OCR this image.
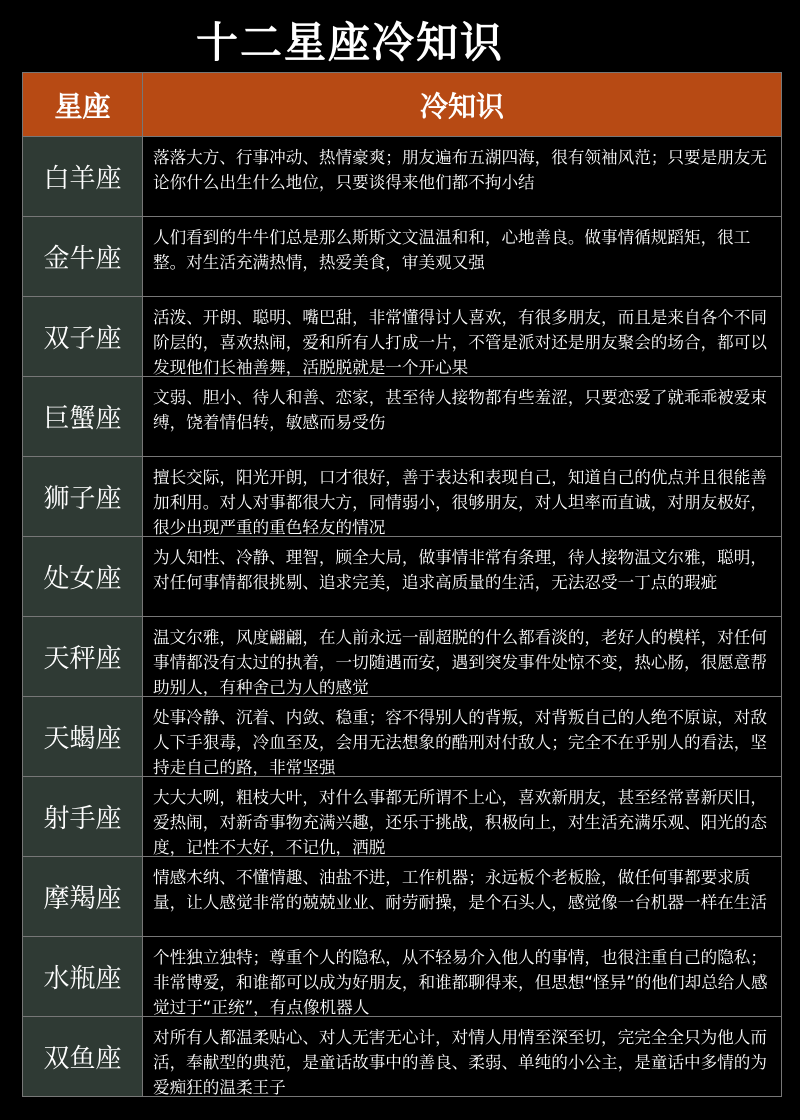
十二星座冷知识
星座	冷知识
白羊座
落落大方、行事冲动、热情豪爽；朋友遍布五湖四海，很有领袖风范；只要是朋友无论你什么出生什么地位，只要谈得来他们都不拘小结
金牛座
人们看到的牛牛们总是那么斯斯文文温温和和，心地善良。做事情循规蹈矩，很工整。对生活充满热情，热爱美食，审美观又强
双子座
活泼、开朗、聪明、嘴巴甜，非常懂得讨人喜欢，有很多朋友，而且是来自各个不同阶层的，喜欢热闹，爱和所有人打成一片，不管是派对还是朋友聚会的场合，都可以发现他们长袖善舞，活脱脱就是一个开心果
巨蟹座
文弱、胆小、待人和善、恋家，甚至待人接物都有些羞涩，只要恋爱了就乖乖被爱束缚，饶着情侣转，敏感而易受伤
狮子座
擅长交际，阳光开朗，口才很好，善于表达和表现自己，知道自己的优点并且很能善加利用。对人对事都很大方，同情弱小，很够朋友，对人坦率而直诚，对朋友极好，很少出现严重的重色轻友的情况
处女座
为人知性、冷静、理智，顾全大局，做事情非常有条理，待人接物温文尔雅，聪明，对任何事情都很挑剔、追求完美，追求高质量的生活，无法忍受一丁点的瑕疵
天秤座
温文尔雅，风度翩翩，在人前永远一副超脱的什么都看淡的，老好人的模样，对任何事情都没有太过的执着，一切随遇而安，遇到突发事件处惊不变，热心肠，很愿意帮助别人，有种舍己为人的感觉
天蝎座
处事冷静、沉着、内敛、稳重；容不得别人的背叛，对背叛自己的人绝不原谅，对敌人下手狠毒，冷血至及，会用无法想象的酷刑对付敌人；完全不在乎别人的看法，坚持走自己的路，非常坚强
射手座
大大大咧，粗枝大叶，对什么事都无所谓不上心，喜欢新朋友，甚至经常喜新厌旧，爱热闹，对新奇事物充满兴趣，还乐于挑战，积极向上，对生活充满乐观、阳光的态度，记性不大好，不记仇，洒脱
摩羯座
情感木纳、不懂情趣、油盐不进，工作机器；永远板个老板脸，做任何事都要求质量，让人感觉非常的兢兢业业、耐劳耐操，是个石头人，感觉像一台机器一样在生活
水瓶座
个性独立独特；尊重个人的隐私，从不轻易介入他人的事情，也很注重自己的隐私；非常博爱，和谁都可以成为好朋友，和谁都聊得来，但思想“怪异”的他们却总给人感觉过于“正统”，有点像机器人
双鱼座
对所有人都温柔贴心、对人无害无心计，对情人用情至深至切，完完全全只为他人而活，奉献型的典范，是童话故事中的善良、柔弱、单纯的小公主，是童话中多情的为爱痴狂的温柔王子
